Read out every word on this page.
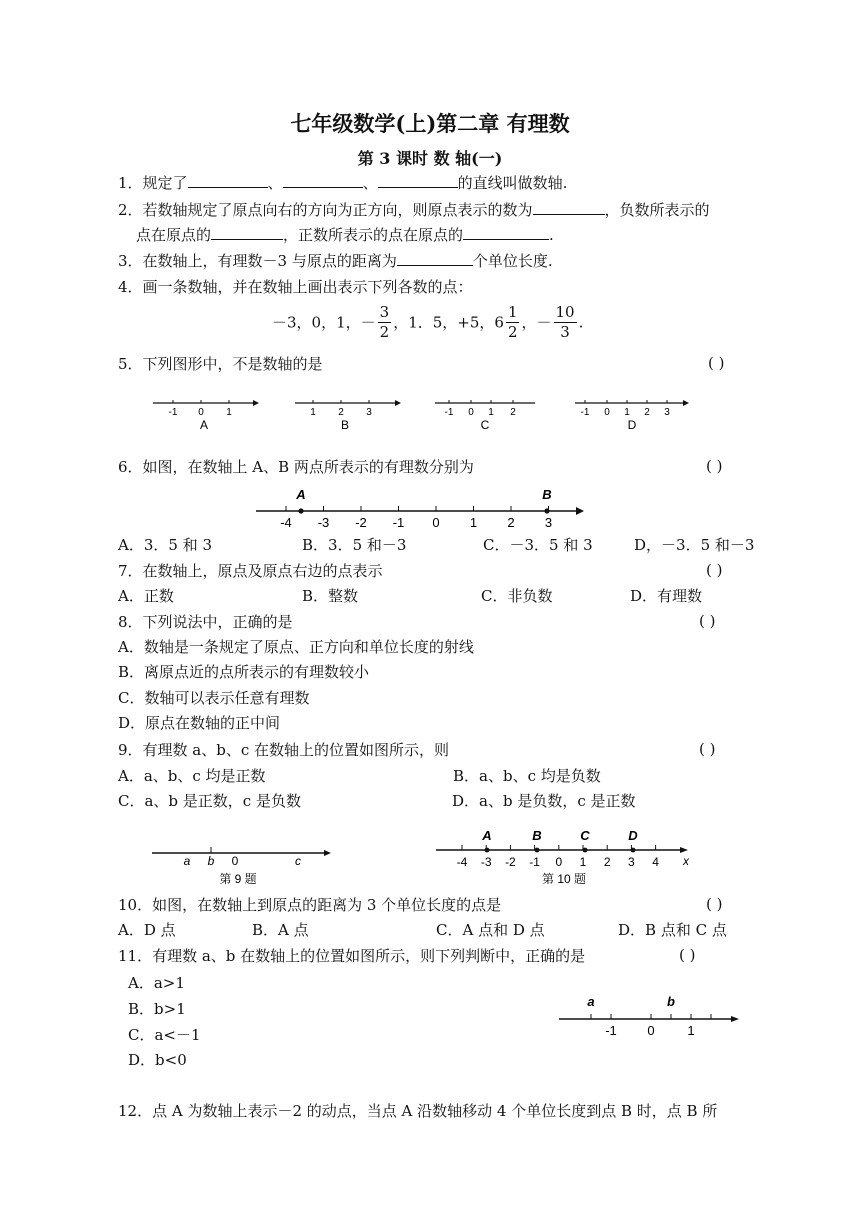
七年级数学(上)第二章 有理数
第 3 课时 数 轴(一)
1．规定了	、	、	的直线叫做数轴.
2．若数轴规定了原点向右的方向为正方向，则原点表示的数为	，负数所表示的
点在原点的	，正数所表示的点在原点的	.
3．在数轴上，有理数－3 与原点的距离为	个单位长度.
4．画一条数轴，并在数轴上画出表示下列各数的点：
－3，0，1，－ $\frac{3}{2}$ ，1．5，+5，$6 \frac{1}{2}$ ，－ $\frac{10}{3}$ .
5．下列图形中，不是数轴的是	( )
-1 0 1
A
1 2 3
B
-1 0 1 2
C
-1 0 1 2 3
D
6．如图，在数轴上 A、B 两点所表示的有理数分别为	( )
-4 -3 -2 -1 0 1 2 3
A	B
A．3．5 和 3	B．3．5 和－3	C．－3．5 和 3	D，－3．5 和－3
7．在数轴上，原点及原点右边的点表示	( )
A．正数	B．整数	C．非负数	D．有理数
8．下列说法中，正确的是	( )
A．数轴是一条规定了原点、正方向和单位长度的射线
B．离原点近的点所表示的有理数较小
C．数轴可以表示任意有理数
D．原点在数轴的正中间
9．有理数 a、b、c 在数轴上的位置如图所示，则	( )
A．a、b、c 均是正数	B．a、b、c 均是负数
C．a、b 是正数，c 是负数	D．a、b 是负数，c 是正数
a b 0	c
第 9 题
-4 -3 -2 -1 0 1 2 3 4
A	B	C	D
x
第 10 题
10．如图，在数轴上到原点的距离为 3 个单位长度的点是	( )
A．D 点	B．A 点	C．A 点和 D 点	D．B 点和 C 点
11．有理数 a、b 在数轴上的位置如图所示，则下列判断中，正确的是	( )
A．a>1
B．b>1
C．a<－1
D．b<0
a	b
-1 0	1
12．点 A 为数轴上表示－2 的动点，当点 A 沿数轴移动 4 个单位长度到点 B 时，点 B 所
